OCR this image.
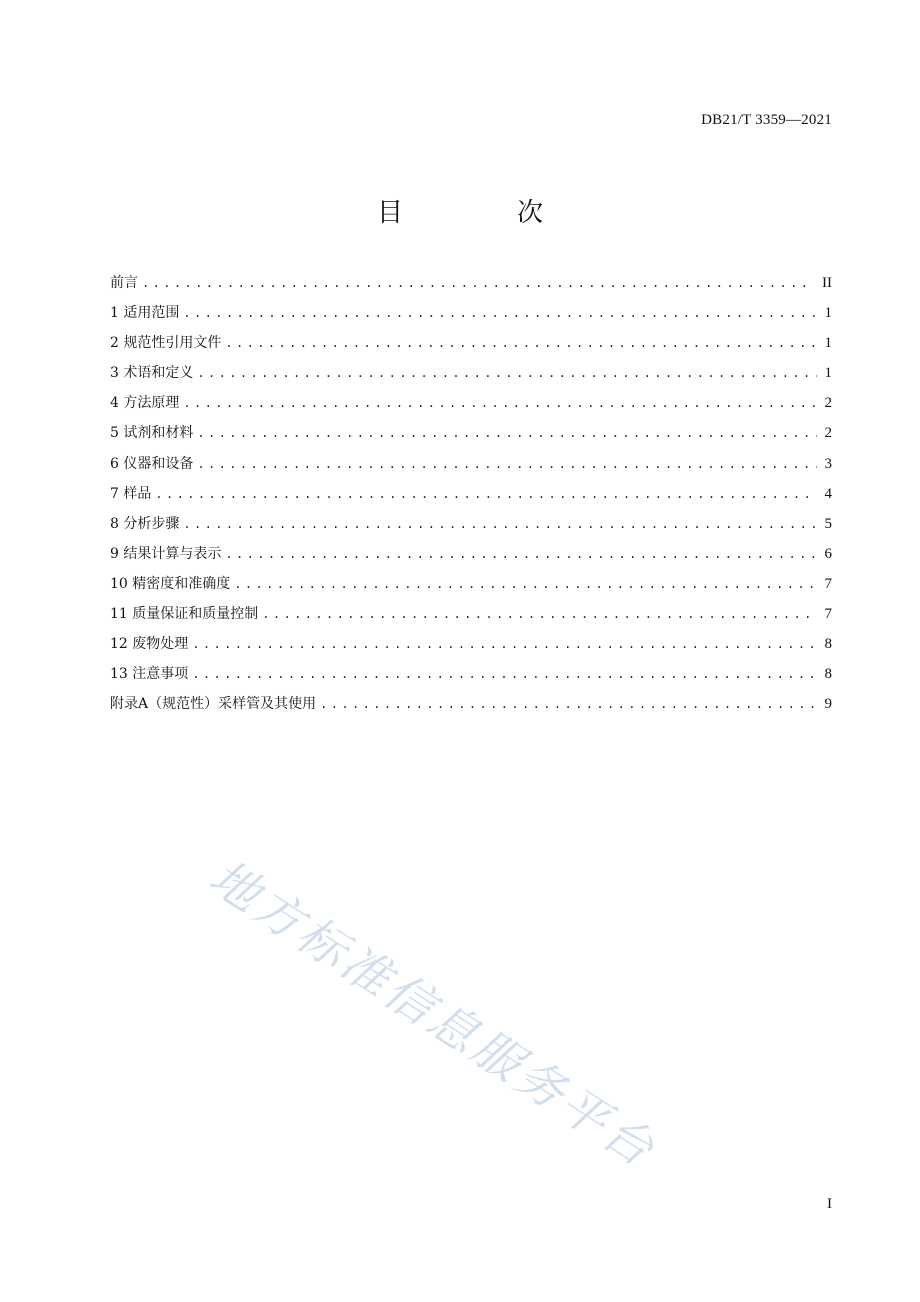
DB21/T 3359—2021
目　次
前言 .....	II
1 适用范围 .....	1
2 规范性引用文件 .....	1
3 术语和定义 .....	1
4 方法原理 .....	2
5 试剂和材料 .....	2
6 仪器和设备 .....	3
7 样品 .....	4
8 分析步骤 .....	5
9 结果计算与表示 .....	6
10 精密度和准确度 .....	7
11 质量保证和质量控制 .....	7
12 废物处理 .....	8
13 注意事项 .....	8
附录A（规范性）采样管及其使用 .....	9
地方标准信息服务平台
I
